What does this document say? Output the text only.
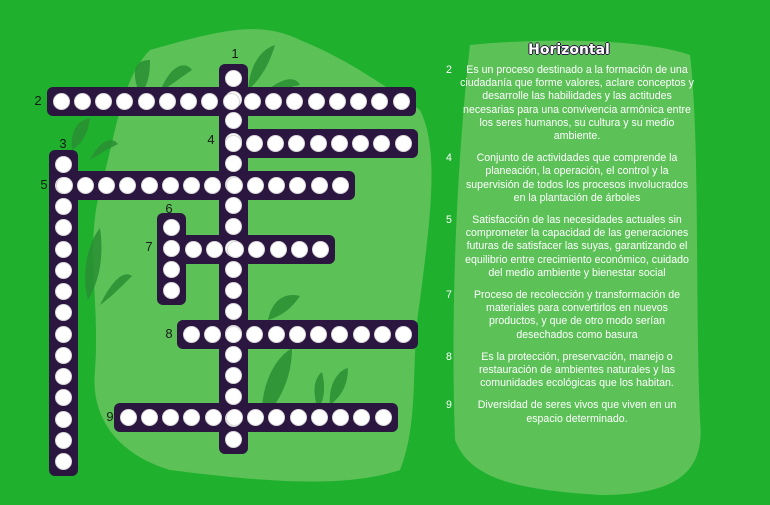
1
2
3	4
5
6
7
8
9
Horizontal
2	Es un proceso destinado a la formación de una ciudadanía que forme valores, aclare conceptos y desarrolle las habilidades y las actitudes necesarias para una convivencia armónica entre los seres humanos, su cultura y su medio ambiente.
4	Conjunto de actividades que comprende la planeación, la operación, el control y la supervisión de todos los procesos involucrados en la plantación de árboles
5	Satisfacción de las necesidades actuales sin comprometer la capacidad de las generaciones futuras de satisfacer las suyas, garantizando el equilibrio entre crecimiento económico, cuidado del medio ambiente y bienestar social
7	Proceso de recolección y transformación de materiales para convertirlos en nuevos productos, y que de otro modo serían desechados como basura
8	Es la protección, preservación, manejo o restauración de ambientes naturales y las comunidades ecológicas que los habitan.
9	Diversidad de seres vivos que viven en un espacio determinado.
